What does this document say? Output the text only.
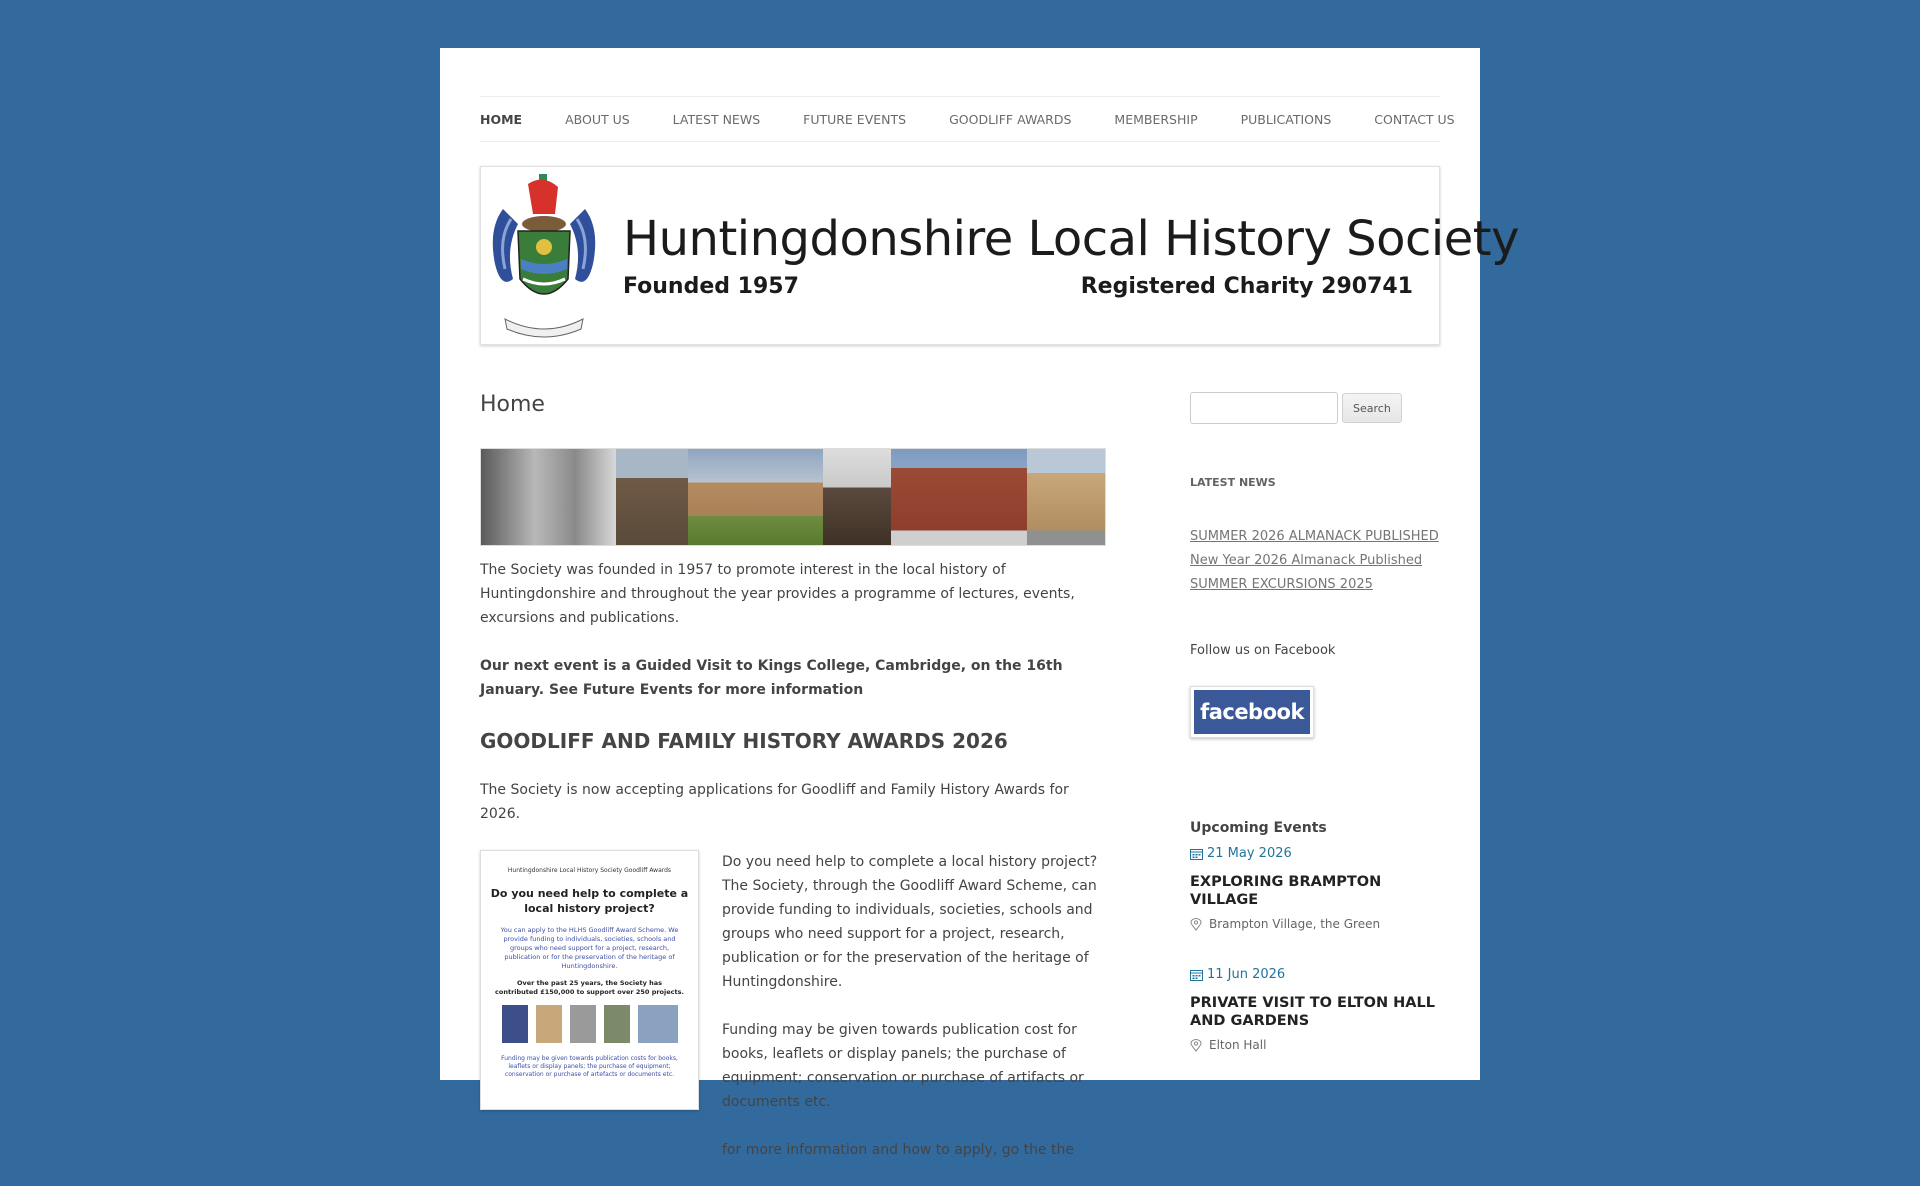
HOME	ABOUT US	LATEST NEWS	FUTURE EVENTS	GOODLIFF AWARDS	MEMBERSHIP	PUBLICATIONS	CONTACT US
Huntingdonshire Local History Society
Founded 1957	Registered Charity 290741
Home

The Society was founded in 1957 to promote interest in the local history of Huntingdonshire and throughout the year provides a programme of lectures, events, excursions and publications.

Our next event is a Guided Visit to Kings College, Cambridge, on the 16th January. See Future Events for more information

GOODLIFF AND FAMILY HISTORY AWARDS 2026

The Society is now accepting applications for Goodliff and Family History Awards for 2026.

Huntingdonshire Local History Society Goodliff Awards
Do you need help to complete a local history project?
You can apply to the HLHS Goodliff Award Scheme. We provide funding to individuals, societies, schools and groups who need support for a project, research, publication or for the preservation of the heritage of Huntingdonshire.
Over the past 25 years, the Society has contributed £150,000 to support over 250 projects.
Funding may be given towards publication costs for books, leaflets or display panels; the purchase of equipment; conservation or purchase of artefacts or documents etc.

Do you need help to complete a local history project? The Society, through the Goodliff Award Scheme, can provide funding to individuals, societies, schools and groups who need support for a project, research, publication or for the preservation of the heritage of Huntingdonshire.

Funding may be given towards publication cost for books, leaflets or display panels; the purchase of equipment; conservation or purchase of artifacts or documents etc.

for more information and how to apply, go the the

Search
LATEST NEWS
SUMMER 2026 ALMANACK PUBLISHED
New Year 2026 Almanack Published
SUMMER EXCURSIONS 2025
Follow us on Facebook
facebook
Upcoming Events
21 May 2026
EXPLORING BRAMPTON VILLAGE
Brampton Village, the Green
11 Jun 2026
PRIVATE VISIT TO ELTON HALL AND GARDENS
Elton Hall
